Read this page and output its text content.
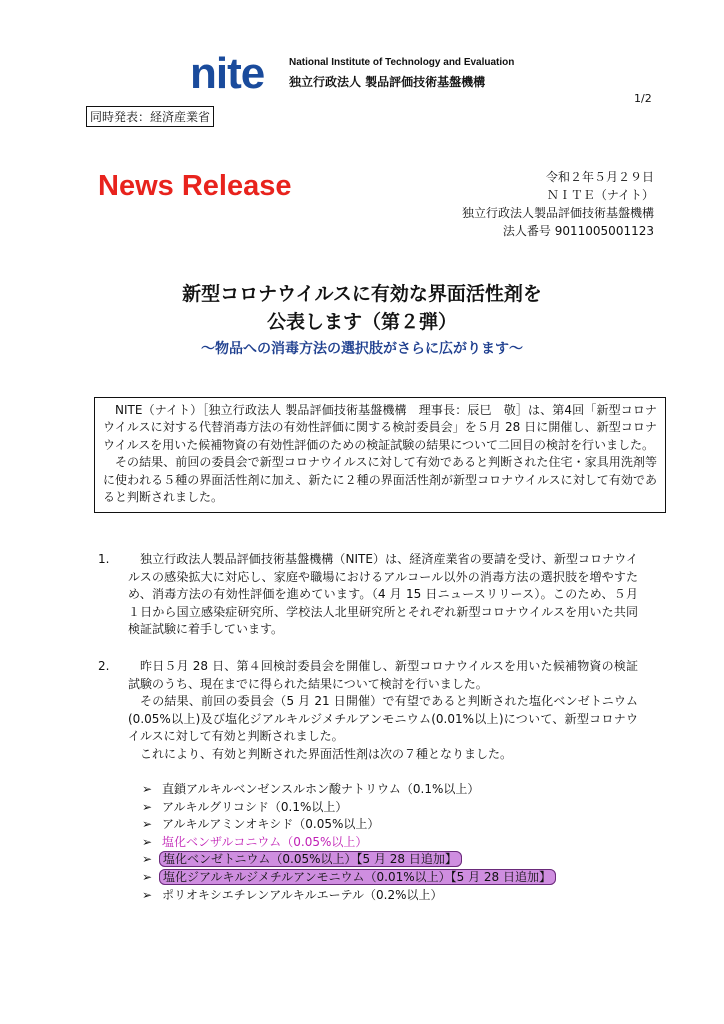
nite National Institute of Technology and Evaluation
独立行政法人 製品評価技術基盤機構
1/2
同時発表：経済産業省
News Release	令和２年５月２９日
ＮＩＴＥ（ナイト）
独立行政法人製品評価技術基盤機構
法人番号 9011005001123
新型コロナウイルスに有効な界面活性剤を
公表します（第２弾）
～物品への消毒方法の選択肢がさらに広がります～

NITE（ナイト）［独立行政法人 製品評価技術基盤機構　理事長：辰巳　敬］は、第4回「新型コロナウイルスに対する代替消毒方法の有効性評価に関する検討委員会」を５月 28 日に開催し、新型コロナウイルスを用いた候補物資の有効性評価のための検証試験の結果について二回目の検討を行いました。

その結果、前回の委員会で新型コロナウイルスに対して有効であると判断された住宅・家具用洗剤等に使われる５種の界面活性剤に加え、新たに２種の界面活性剤が新型コロナウイルスに対して有効であると判断されました。

1.	独立行政法人製品評価技術基盤機構（NITE）は、経済産業省の要請を受け、新型コロナウイルスの感染拡大に対応し、家庭や職場におけるアルコール以外の消毒方法の選択肢を増やすため、消毒方法の有効性評価を進めています。（4 月 15 日ニュースリリース）。このため、５月１日から国立感染症研究所、学校法人北里研究所とそれぞれ新型コロナウイルスを用いた共同検証試験に着手しています。

2.	昨日５月 28 日、第４回検討委員会を開催し、新型コロナウイルスを用いた候補物資の検証試験のうち、現在までに得られた結果について検討を行いました。

その結果、前回の委員会（5 月 21 日開催）で有望であると判断された塩化ベンゼトニウム(0.05%以上)及び塩化ジアルキルジメチルアンモニウム(0.01%以上)について、新型コロナウイルスに対して有効と判断されました。

これにより、有効と判断された界面活性剤は次の７種となりました。

➢ 直鎖アルキルベンゼンスルホン酸ナトリウム（0.1%以上）
➢ アルキルグリコシド（0.1%以上）
➢ アルキルアミンオキシド（0.05%以上）
➢ 塩化ベンザルコニウム（0.05%以上）
➢ 塩化ベンゼトニウム（0.05%以上）【5 月 28 日追加】
➢ 塩化ジアルキルジメチルアンモニウム（0.01%以上）【5 月 28 日追加】
➢ ポリオキシエチレンアルキルエーテル（0.2%以上）
